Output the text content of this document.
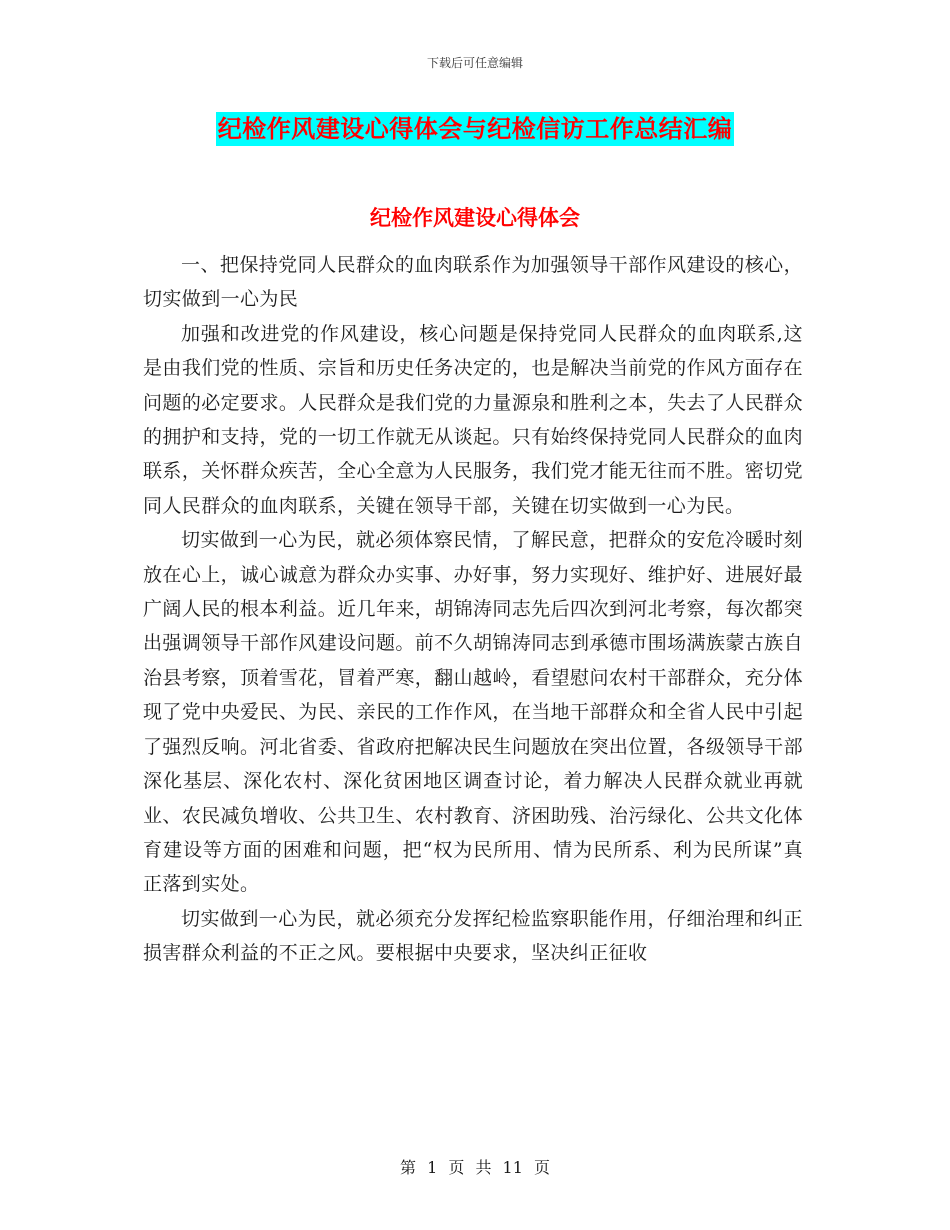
下载后可任意编辑
纪检作风建设心得体会与纪检信访工作总结汇编
纪检作风建设心得体会

一、把保持党同人民群众的血肉联系作为加强领导干部作风建设的核心，切实做到一心为民

加强和改进党的作风建设，核心问题是保持党同人民群众的血肉联系,这是由我们党的性质、宗旨和历史任务决定的，也是解决当前党的作风方面存在问题的必定要求。人民群众是我们党的力量源泉和胜利之本，失去了人民群众的拥护和支持，党的一切工作就无从谈起。只有始终保持党同人民群众的血肉联系，关怀群众疾苦，全心全意为人民服务，我们党才能无往而不胜。密切党同人民群众的血肉联系，关键在领导干部，关键在切实做到一心为民。

切实做到一心为民，就必须体察民情，了解民意，把群众的安危冷暖时刻放在心上，诚心诚意为群众办实事、办好事，努力实现好、维护好、进展好最广阔人民的根本利益。近几年来，胡锦涛同志先后四次到河北考察，每次都突出强调领导干部作风建设问题。前不久胡锦涛同志到承德市围场满族蒙古族自治县考察，顶着雪花，冒着严寒，翻山越岭，看望慰问农村干部群众，充分体现了党中央爱民、为民、亲民的工作作风，在当地干部群众和全省人民中引起了强烈反响。河北省委、省政府把解决民生问题放在突出位置，各级领导干部深化基层、深化农村、深化贫困地区调查讨论，着力解决人民群众就业再就业、农民减负增收、公共卫生、农村教育、济困助残、治污绿化、公共文化体育建设等方面的困难和问题，把“权为民所用、情为民所系、利为民所谋”真正落到实处。

切实做到一心为民，就必须充分发挥纪检监察职能作用，仔细治理和纠正损害群众利益的不正之风。要根据中央要求，坚决纠正征收

第 1 页 共 11 页
